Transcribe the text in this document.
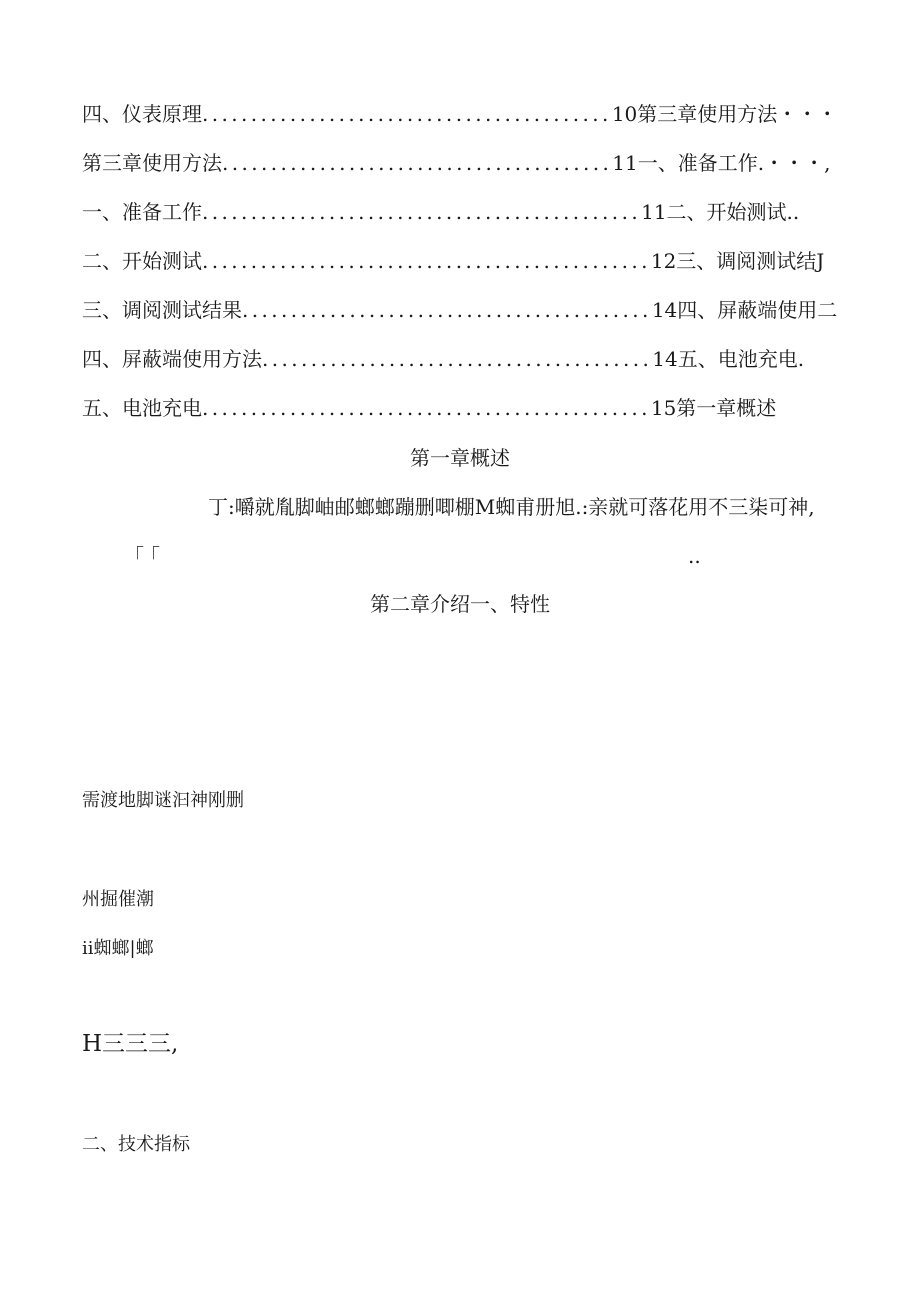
四、仪表原理..........................................10第三章使用方法・・・
第三章使用方法........................................11一、准备工作.・・・,
一、准备工作.............................................11二、开始测试..
二、开始测试..............................................12三、调阅测试结J
三、调阅测试结果..........................................14四、屏蔽端使用二
四、屏蔽端使用方法........................................14五、电池充电.
五、电池充电..............................................15第一章概述
第一章概述
丁:嚼就胤脚岫邮螂螂蹦删唧棚M蜘甫册旭.:亲就可落花用不三柒可神,
「「	..
第二章介绍一、特性
需渡地脚谜汩神刚删
州掘催潮
ii蜘螂|螂
H三三三,
二、技术指标
